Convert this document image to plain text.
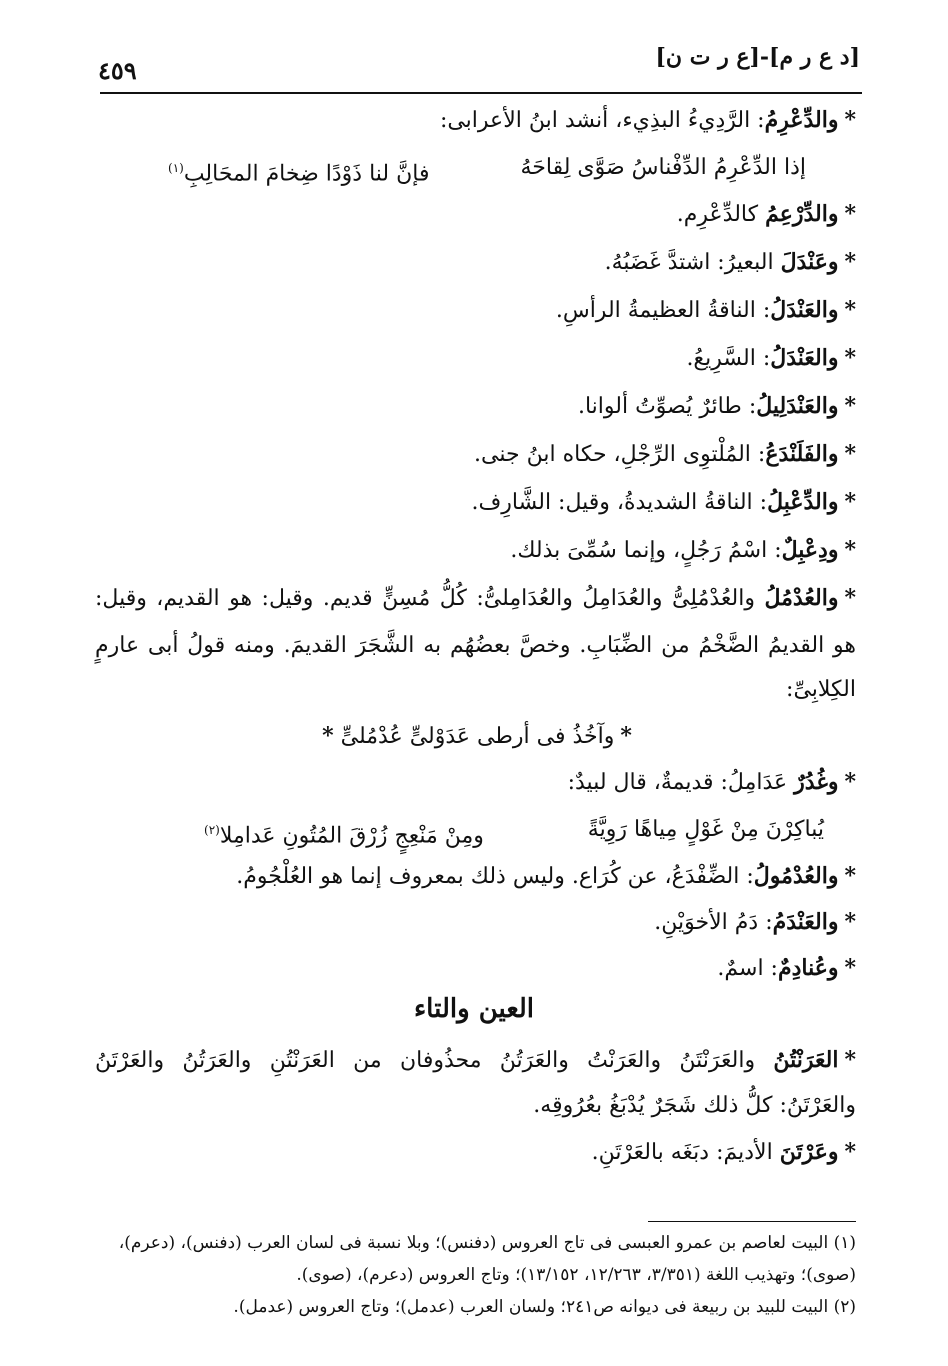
٤٥٩	[د ع ر م]-[ع ر ت ن]
*والدِّعْرِمُ: الرَّدِيءُ البذِيء، أنشد ابنُ الأعرابى:
إذا الدِّعْرِمُ الدِّفْناسُ صَوَّى لِقاحَهُ
فإنَّ لنا ذَوْدًا ضِخامَ المحَالِبِ$^{(١)}$
*والدِّرْعِمُ كالدِّعْرِم.
*وعَنْدَلَ البعيرُ: اشتدَّ غَضَبُهُ.
*والعَنْدَلُ: الناقةُ العظيمةُ الرأسِ.
*والعَنْدَلُ: السَّرِيعُ.
*والعَنْدَلِيلُ: طائرٌ يُصوِّتُ ألوانا.
*والفَلَنْدَعُ: المُلْتوِى الرِّجْلِ، حكاه ابنُ جنى.
*والدِّعْبِلُ: الناقةُ الشديدةُ، وقيل: الشَّارِف.
*ودِعْبِلٌ: اسْمُ رَجُلٍ، وإنما سُمِّىَ بذلك.
*والعُدْمُلُ والعُدْمُلِىُّ والعُدَامِلُ والعُدَامِلىُّ: كُلُّ مُسِنٍّ قديم. وقيل: هو القديم، وقيل:
هو القديمُ الضَّخْمُ من الضِّبَابِ. وخصَّ بعضُهُم به الشَّجَرَ القديمَ. ومنه قولُ أبى عارمٍ
الكِلابِىِّ:
*وآخُذُ فى أرطى عَدَوْلىٍّ عُدْمُلىٍّ *
*وغُدُرٌ عَدَامِلُ: قديمةٌ، قال لبيدٌ:
يُباكِرْنَ مِنْ غَوْلٍ مِياهًا رَوِيَّةً
ومِنْ مَنْعِجٍ زُرْقَ المُتُونِ عَدامِلا$^{(٢)}$
*والعُدْمُولُ: الضِّفْدَعُ، عن كُرَاع. وليس ذلك بمعروف إنما هو العُلْجُومُ.
*والعَنْدَمُ: دَمُ الأخوَيْنِ.
*وعُنادِمٌ: اسمٌ.
العين والتاء
*العَرَنْتُنُ والعَرَنْتَنُ والعَرَنْتُ والعَرَتُنُ محذُوفان من العَرَنْتُنِ والعَرَتُنُ والعَرْتَنُ
والعَرْتَنُ: كلُّ ذلك شَجَرٌ يُدْبَغُ بعُرُوقِه.
*وعَرْتَنَ الأديمَ: دبَغَه بالعَرْتَنِ.
(١) البيت لعاصم بن عمرو العبسى فى تاج العروس (دفنس)؛ وبلا نسبة فى لسان العرب (دفنس)، (دعرم)،
(صوى)؛ وتهذيب اللغة (٣/٣٥١، ١٢/٢٦٣، ١٣/١٥٢)؛ وتاج العروس (دعرم)، (صوى).
(٢) البيت للبيد بن ربيعة فى ديوانه ص٢٤١؛ ولسان العرب (عدمل)؛ وتاج العروس (عدمل).
